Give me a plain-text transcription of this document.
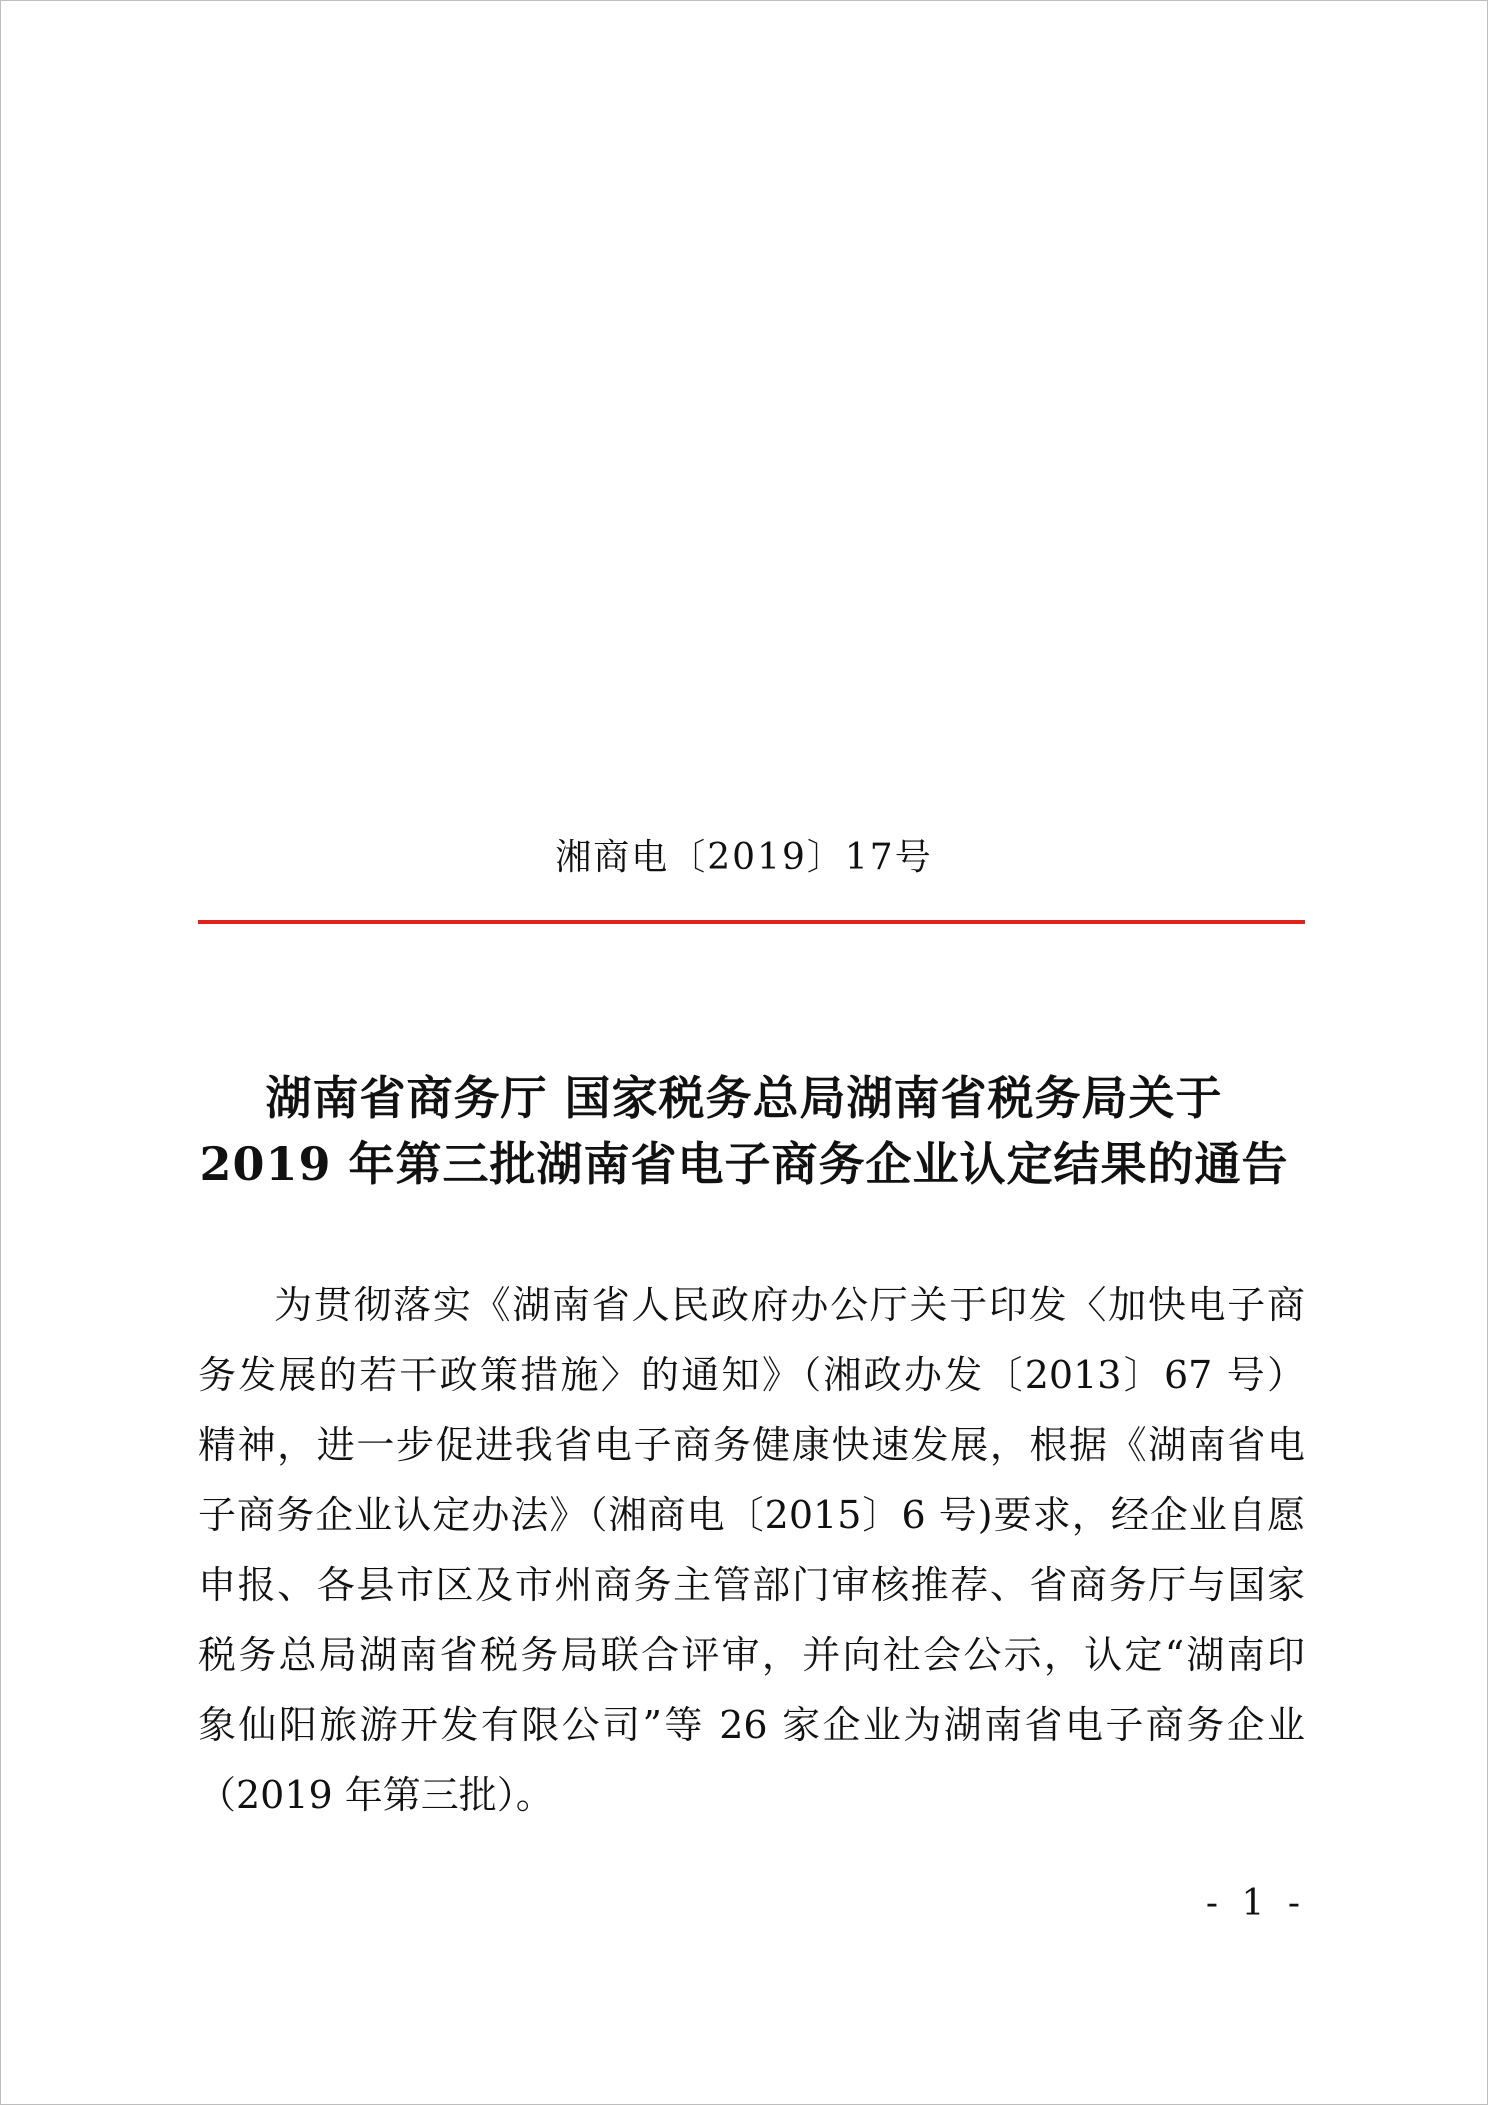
湘商电〔2019〕17号
湖南省商务厅 国家税务总局湖南省税务局关于
2019 年第三批湖南省电子商务企业认定结果的通告
为贯彻落实《湖南省人民政府办公厅关于印发〈加快电子商
务发展的若干政策措施〉的通知》（湘政办发〔2013〕67 号）
精神，进一步促进我省电子商务健康快速发展，根据《湖南省电
子商务企业认定办法》（湘商电〔2015〕6 号)要求，经企业自愿
申报、各县市区及市州商务主管部门审核推荐、省商务厅与国家
税务总局湖南省税务局联合评审，并向社会公示，认定“湖南印
象仙阳旅游开发有限公司”等 26 家企业为湖南省电子商务企业
（2019 年第三批）。
- 1 -
